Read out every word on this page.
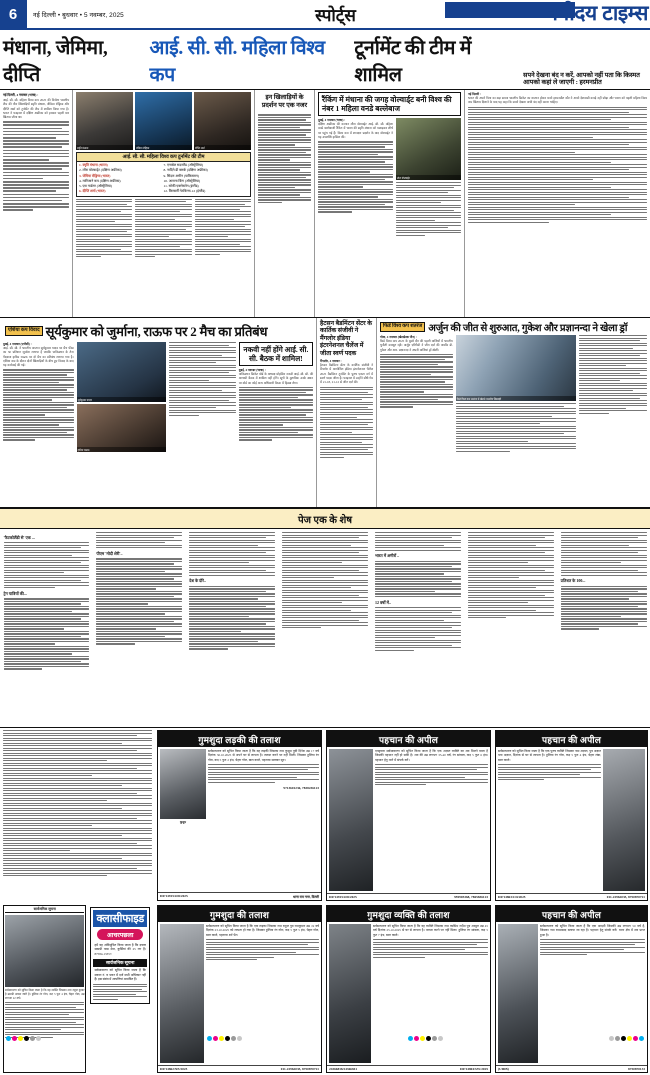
6	नई दिल्ली • बुधवार • 5 नवम्बर, 2025	स्पोर्ट्स	नवोदय टाइम्स
मंधाना, जेमिमा, दीप्ति
आई. सी. सी. महिला विश्व कप
टूर्नामेंट की टीम में शामिल	सपने देखना बंद न करें, आपको नहीं पता कि किस्मत आपको कहां ले जाएगी : हरमनप्रीत
नई दिल्ली, 4 नवम्बर (भाषा) :
आई. सी. सी. महिला विश्व कप 2025 की विजेता भारतीय टीम की तीन खिलाड़ियों स्मृति मंधाना, जेमिमा रोड्रिग्स और दीप्ति शर्मा को टूर्नामेंट की टीम में शामिल किया गया है। भारत ने फाइनल में दक्षिण अफ्रीका को हराकर पहली बार खिताब जीता था।
स्मृति मंधाना	जेमिमा रोड्रिग्स	दीप्ति शर्मा
आई. सी. सी. महिला विश्व कप टूर्नामेंट की टीम
1. स्मृति मंधाना (भारत)
2. लौरा वोल्वार्ड्ट (दक्षिण अफ्रीका)
3. जेमिमा रोड्रिग्स (भारत)
4. मारिजाने कप (दक्षिण अफ्रीका)
5. एश गार्डनर (ऑस्ट्रेलिया)
6. दीप्ति शर्मा (भारत)
7. एनाबेल सदरलैंड (ऑस्ट्रेलिया)
8. नादिने डी क्लर्क (दक्षिण अफ्रीका)
9. सिदरा अमीन (पाकिस्तान)
10. अलाना किंग (ऑस्ट्रेलिया)
11. सोफी एक्लेस्टोन (इंग्लैंड)
12. किम्बर्ली नेटकिन्स-12 (इंग्लैंड)
इन खिलाड़ियों के प्रदर्शन पर एक नजर
रैंकिंग में मंधाना की जगह वोल्वार्ड्ट बनी विश्व की नंबर 1 महिला वनडे बल्लेबाज
दुबई, 4 नवम्बर (भाषा) :
दक्षिण अफ्रीका की कप्तान लौरा वोल्वार्ड्ट आई. सी. सी. महिला वनडे बल्लेबाजी रैंकिंग में भारत की स्मृति मंधाना को पछाड़कर शीर्ष पर पहुंच गई हैं। विश्व कप में शानदार प्रदर्शन के बाद वोल्वार्ड्ट ने यह उपलब्धि हासिल की।
लौरा वोल्वार्ड्ट
नई दिल्ली :
भारत की अपने पिता का बड़ा सपना भारतीय क्रिकेट का कप्तान होकर बनने हरमनप्रीत कौर ने अपने देशवासी कपड़े नहीं छोड़ा और भारत को पहली महिला विश्व कप खिताब दिलाने के बाद यह कहा कि सपने देखना कभी बंद नहीं करना चाहिए।
एशिया कप विवाद सूर्यकुमार को जुर्माना, राऊफ पर 2 मैच का प्रतिबंध
दुबई, 4 नवम्बर (एजेंसी) :
आई. सी. सी. ने भारतीय कप्तान सूर्यकुमार यादव पर मैच फीस का 30 प्रतिशत जुर्माना लगाया है जबकि पाकिस्तान के तेज गेंदबाज हारिस राऊफ पर दो मैच का प्रतिबंध लगाया गया है। एशिया कप के दौरान दोनों खिलाड़ियों के बीच हुए विवाद के बाद यह कार्रवाई की गई।
सूर्यकुमार यादव
हारिस राऊफ
नकवी नहीं होंगे आई. सी. सी. बैठक में शामिल!
दुबई, 4 नवम्बर (भाषा) :
पाकिस्तान क्रिकेट बोर्ड के अध्यक्ष मोहसिन नकवी आई. सी. सी. की आगामी बैठक में शामिल नहीं होंगे। सूत्रों के मुताबिक उनके स्थान पर बोर्ड का कोई अन्य अधिकारी बैठक में हिस्सा लेगा।
हैटसन बैडमिंटन सेंटर के कार्तिक संजीवी ने मैंगलोर इंडिया इंटरनेशनल चैलेंज में जीता स्वर्ण पदक
मैंगलोर, 4 नवम्बर :
हैटसन बैडमिंटन सेंटर के कार्तिक संजीवी ने मैंगलोर में आयोजित इंडिया इंटरनेशनल चैलेंज 2025 बैडमिंटन टूर्नामेंट के पुरुष एकल वर्ग में स्वर्ण पदक जीता है। फाइनल में उन्होंने सीधे गेम में 21-18, 21-12 से जीत दर्ज की।
फिडे विश्व कप शतरंज अर्जुन की जीत से शुरुआत, गुकेश और प्रज्ञानन्दा ने खेला ड्रॉ
गोवा, 4 नवम्बर (खेलडेस्क जैन) :
फिडे विश्व कप 2025 के दूसरे दौर की पहली बाजियों में भारतीय चुनौती मजबूत रही। अर्जुन एरिगैसी ने जीत दर्ज की जबकि डी. गुकेश और आर. प्रज्ञानन्दा ने अपनी बाजियां ड्रॉ खेलीं।
फिडे विश्व कप शतरंज में खेलते भारतीय खिलाड़ी
पेज एक के शेष
'फैटकोलैंडी से' एक ...
ट्रेन यात्रियों की...
पीएम 'मोदी शेरी'..
देश के दौरे..
भारत में अमीरों ..
12 वर्षों में..
प्रतिशत के 100...
गुमशुदा लड़की की तलाश
कुसुम
सर्वसाधारण को सूचित किया जाता है कि वह लड़की जिसका नाम कुसुम पुत्री दिनेश उम्र 17 वर्ष दिनांक 30.10.2025 से अपने घर से लापता है। तलाश करने पर नहीं मिली। जिसका हुलिया रंग गोरा, कद 5 फुट 2 इंच, चेहरा गोल, बाल काले, पहनावा सलवार सूट।
9713601236, 7838236123
DP/14915/OD/2025	थाना राम नगर, दिल्ली
पहचान की अपील
एतद्द्वारा सर्वसाधारण को सूचित किया जाता है कि एक अज्ञात व्यक्ति का शव मिलने वाला है जिसकी पहचान नहीं हो सकी है। शव की उम्र लगभग 35-40 वर्ष, रंग सांवला, कद 5 फुट 6 इंच। पहचान हेतु थाने में संपर्क करें।
DP/14915/OD/2025	959905368, 7865836123
पहचान की अपील
सर्वसाधारण को सूचित किया जाता है कि एक पुरुष व्यक्ति जिसका नाम अज्ञात, पुत्र अज्ञात पता अज्ञात, दिनांक से घर से लापता है। हुलिया रंग गोरा, कद 5 फुट 4 इंच, चेहरा लंबा, बाल काले।
DP/14863/CD/2025	011-22962035, 8750870721
सार्वजनिक सूचना
सर्वसाधारण को सूचित किया जाता है कि यह व्यक्ति जिसका नाम राहुल कुमार है उसकी तलाश जारी है। हुलिया रंग गोरा, कद 5 फुट 4 इंच, चेहरा गोल, उम्र लगभग 22 वर्ष।
क्लासीफाइड
आचरपछला
हमें यह अधिसूचित किया जाता है कि दफ्तर सामग्री पास मेज, कुर्सियां की 25 नग हैं। 87584-13357.
सार्वजनिक सूचना
सर्वसाधारण को सूचित किया जाता है कि मकान नं. व भवन में दर्ज सभी अधिकार नहीं हैं। इस संबंध में आपत्तियां आमंत्रित हैं।
गुमशुदा की तलाश
सर्वसाधारण को सूचित किया जाता है कि एक लड़का जिसका नाम राहुल पुत्र रामकुमार उम्र 19 वर्ष दिनांक 23.10.2025 को लापता हो गया है। जिसका हुलिया रंग गोरा, कद 5 फुट 5 इंच, चेहरा गोल, बाल काले, पहनावा शर्ट पेंट।
DP/14862/NE/2025	011-22962035, 8750870721
गुमशुदा व्यक्ति की तलाश
सर्वसाधारण को सूचित किया जाता है कि वह व्यक्ति जिसका नाम कासिम नदीम पुत्र अब्दुल उम्र 45 वर्ष दिनांक 25.10.2025 से घर से लापता है। तलाश करने पर नहीं मिला। हुलिया रंग सांवला, कद 5 फुट 7 इंच, बाल काले।
24366838/24366841	DP/14804/SW/2025
पहचान की अपील
सर्वसाधारण को सूचित किया जाता है कि एक आदमी जिसकी उम्र लगभग 50 वर्ष है, जिसका नाम रामप्रसाद बताया जा रहा है। पहचान हेतु संपर्क करें। थाना क्षेत्र में शव प्राप्त हुआ है।
(UIDB)	8750870133
